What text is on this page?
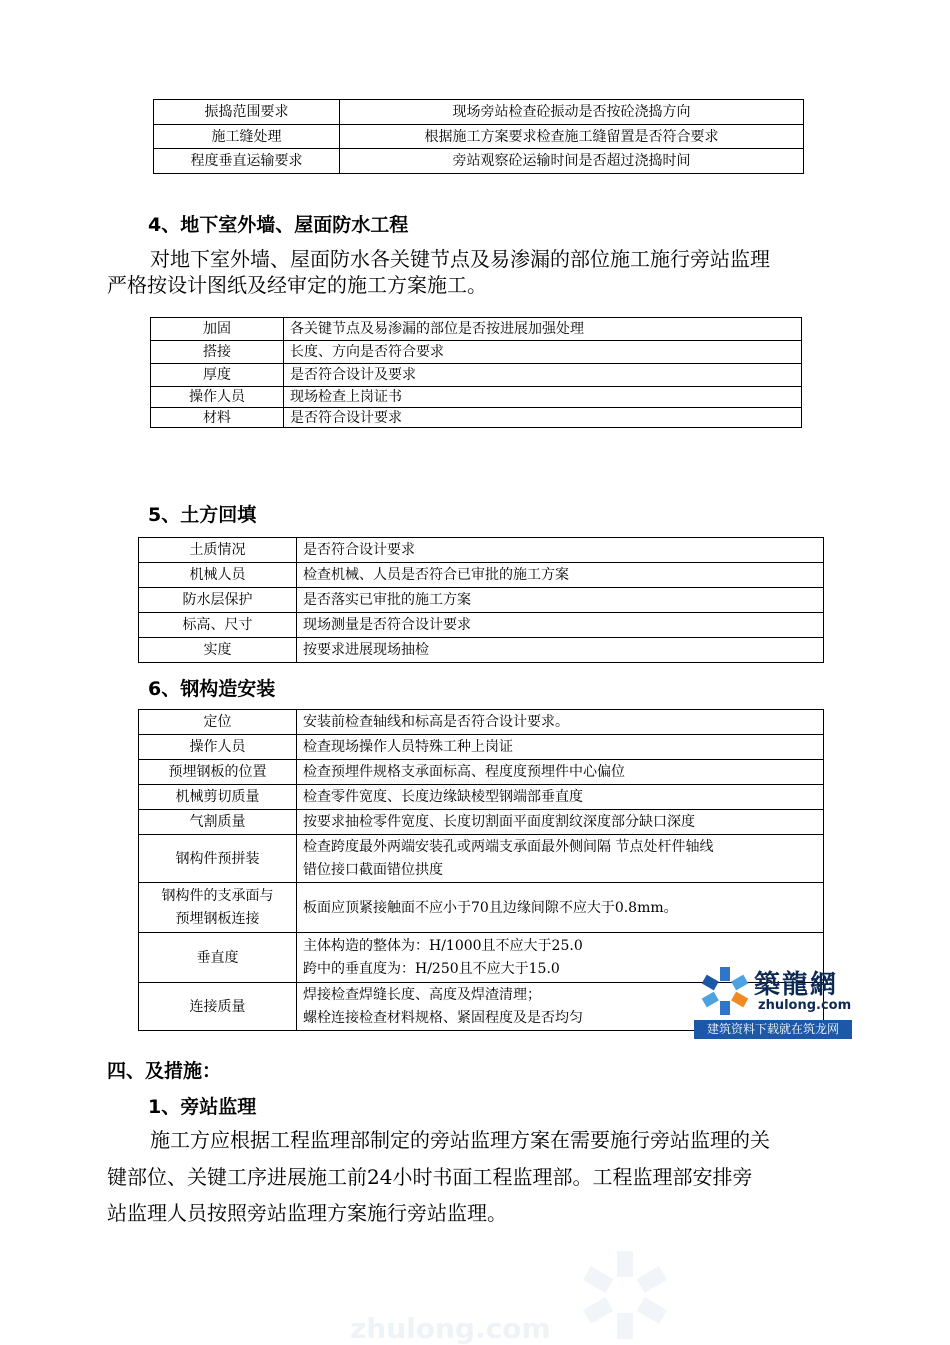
振捣范围要求	现场旁站检查砼振动是否按砼浇捣方向
施工缝处理	根据施工方案要求检查施工缝留置是否符合要求
程度垂直运输要求	旁站观察砼运输时间是否超过浇捣时间
4、地下室外墙、屋面防水工程
对地下室外墙、屋面防水各关键节点及易渗漏的部位施工施行旁站监理
严格按设计图纸及经审定的施工方案施工。
加固	各关键节点及易渗漏的部位是否按进展加强处理
搭接	长度、方向是否符合要求
厚度	是否符合设计及要求
操作人员	现场检查上岗证书
材料	是否符合设计要求
5、土方回填
土质情况	是否符合设计要求
机械人员	检查机械、人员是否符合已审批的施工方案
防水层保护	是否落实已审批的施工方案
标高、尺寸	现场测量是否符合设计要求
实度	按要求进展现场抽检
6、钢构造安装
定位	安装前检查轴线和标高是否符合设计要求。
操作人员	检查现场操作人员特殊工种上岗证
预埋钢板的位置	检查预埋件规格支承面标高、程度度预埋件中心偏位
机械剪切质量	检查零件宽度、长度边缘缺棱型钢端部垂直度
气割质量	按要求抽检零件宽度、长度切割面平面度割纹深度部分缺口深度
钢构件预拼装	检查跨度最外两端安装孔或两端支承面最外侧间隔 节点处杆件轴线
错位接口截面错位拱度

钢构件的支承面与
预埋钢板连接	板面应顶紧接触面不应小于70且边缘间隙不应大于0.8mm。
垂直度	主体构造的整体为：H/1000且不应大于25.0
跨中的垂直度为：H/250且不应大于15.0

连接质量	焊接检查焊缝长度、高度及焊渣清理；
螺栓连接检查材料规格、紧固程度及是否均匀
築龍網
zhulong.com
建筑资料下载就在筑龙网
四、及措施：
1、旁站监理
施工方应根据工程监理部制定的旁站监理方案在需要施行旁站监理的关
键部位、关键工序进展施工前24小时书面工程监理部。工程监理部安排旁
站监理人员按照旁站监理方案施行旁站监理。
zhulong.com
